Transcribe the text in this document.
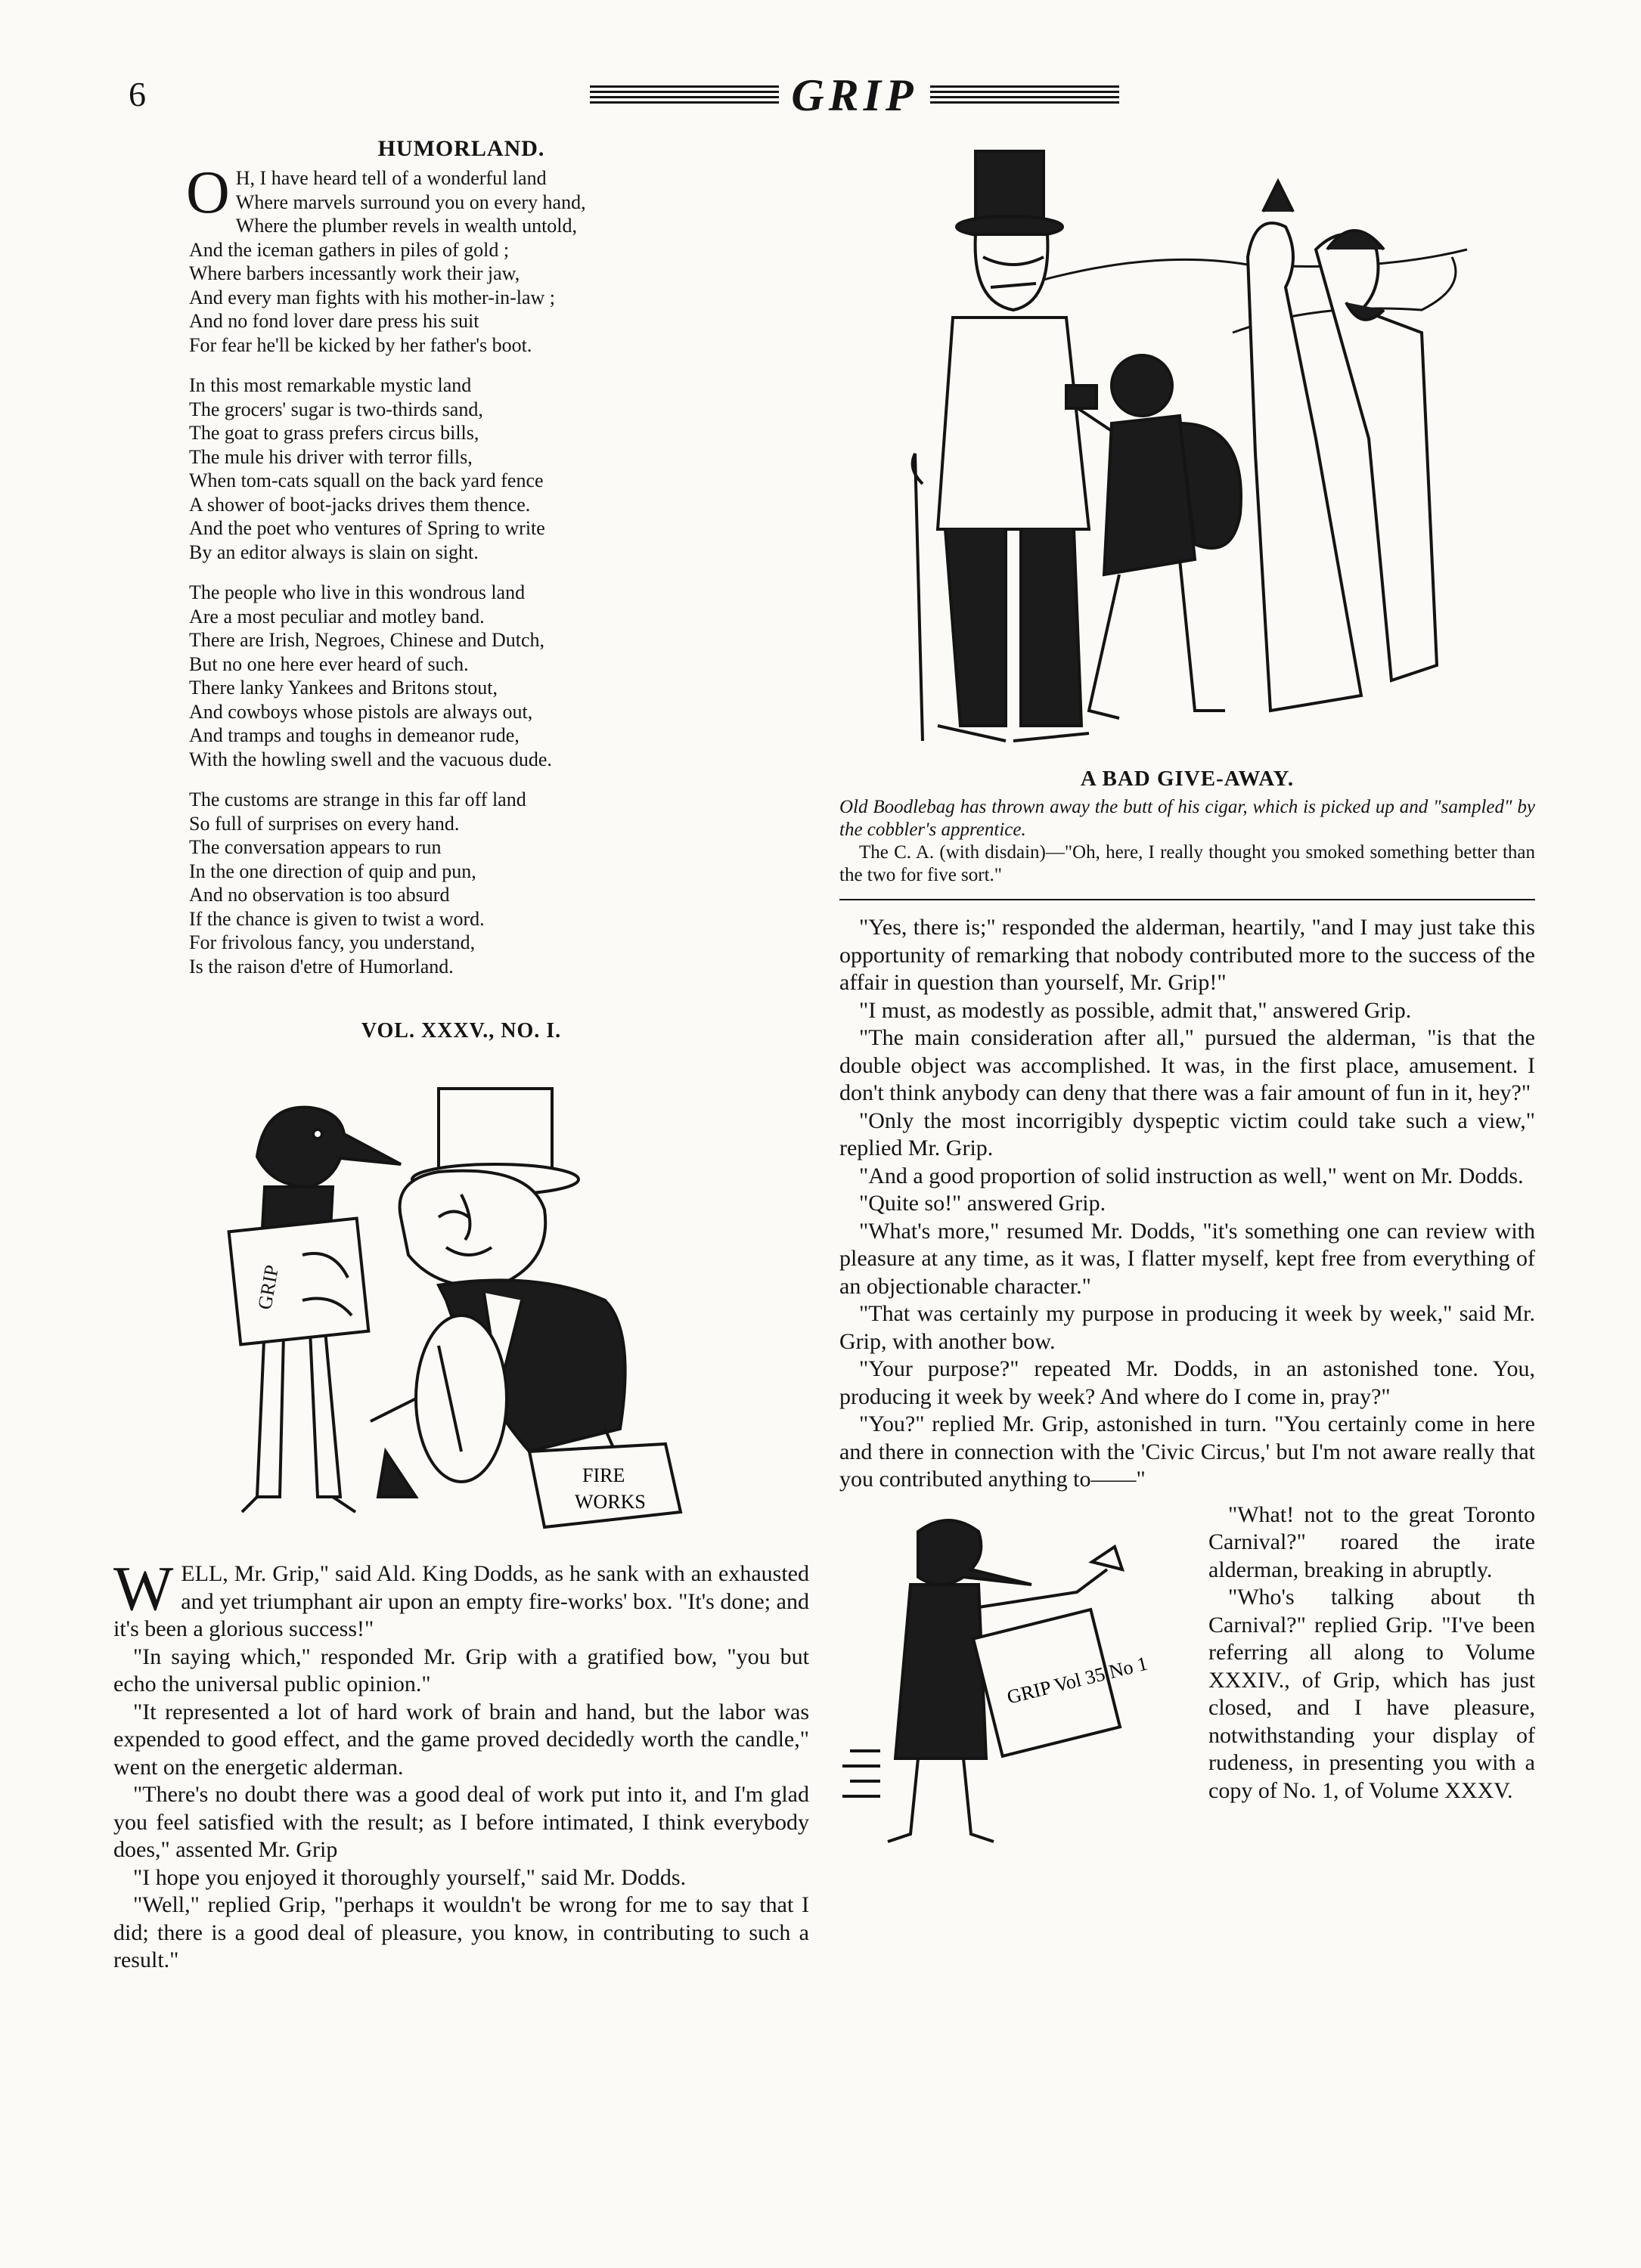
6	GRIP
HUMORLAND.
O H, I have heard tell of a wonderful land
Where marvels surround you on every hand,
Where the plumber revels in wealth untold,
And the iceman gathers in piles of gold ;
Where barbers incessantly work their jaw,
And every man fights with his mother-in-law ;
And no fond lover dare press his suit
For fear he'll be kicked by her father's boot.
In this most remarkable mystic land
The grocers' sugar is two-thirds sand,
The goat to grass prefers circus bills,
The mule his driver with terror fills,
When tom-cats squall on the back yard fence
A shower of boot-jacks drives them thence.
And the poet who ventures of Spring to write
By an editor always is slain on sight.
The people who live in this wondrous land
Are a most peculiar and motley band.
There are Irish, Negroes, Chinese and Dutch,
But no one here ever heard of such.
There lanky Yankees and Britons stout,
And cowboys whose pistols are always out,
And tramps and toughs in demeanor rude,
With the howling swell and the vacuous dude.
The customs are strange in this far off land
So full of surprises on every hand.
The conversation appears to run
In the one direction of quip and pun,
And no observation is too absurd
If the chance is given to twist a word.
For frivolous fancy, you understand,
Is the raison d'etre of Humorland.
VOL. XXXV., NO. I.
GRIP
FIRE
WORKS

WELL, Mr. Grip," said Ald. King Dodds, as he sank with an exhausted and yet triumphant air upon an empty fire-works' box. "It's done; and it's been a glorious success!"

"In saying which," responded Mr. Grip with a gratified bow, "you but echo the universal public opinion."

"It represented a lot of hard work of brain and hand, but the labor was expended to good effect, and the game proved decidedly worth the candle," went on the energetic alderman.

"There's no doubt there was a good deal of work put into it, and I'm glad you feel satisfied with the result; as I before intimated, I think everybody does," assented Mr. Grip

"I hope you enjoyed it thoroughly yourself," said Mr. Dodds.

"Well," replied Grip, "perhaps it wouldn't be wrong for me to say that I did; there is a good deal of pleasure, you know, in contributing to such a result."

A BAD GIVE-AWAY.
Old Boodlebag has thrown away the butt of his cigar, which is picked up and "sampled" by the cobbler's apprentice.
The C. A. (with disdain)—"Oh, here, I really thought you smoked something better than the two for five sort."

"Yes, there is;" responded the alderman, heartily, "and I may just take this opportunity of remarking that nobody contributed more to the success of the affair in question than yourself, Mr. Grip!"

"I must, as modestly as possible, admit that," answered Grip.

"The main consideration after all," pursued the alderman, "is that the double object was accomplished. It was, in the first place, amusement. I don't think anybody can deny that there was a fair amount of fun in it, hey?"

"Only the most incorrigibly dyspeptic victim could take such a view," replied Mr. Grip.

"And a good proportion of solid instruction as well," went on Mr. Dodds.

"Quite so!" answered Grip.

"What's more," resumed Mr. Dodds, "it's something one can review with pleasure at any time, as it was, I flatter myself, kept free from everything of an objectionable character."

"That was certainly my purpose in producing it week by week," said Mr. Grip, with another bow.

"Your purpose?" repeated Mr. Dodds, in an astonished tone. You, producing it week by week? And where do I come in, pray?"

"You?" replied Mr. Grip, astonished in turn. "You certainly come in here and there in connection with the 'Civic Circus,' but I'm not aware really that you contributed anything to——"

GRIP Vol 35 No 1

"What! not to the great Toronto Carnival?" roared the irate alderman, breaking in abruptly.

"Who's talking about th Carnival?" replied Grip. "I've been referring all along to Volume XXXIV., of Grip, which has just closed, and I have pleasure, notwithstanding your display of rudeness, in presenting you with a copy of No. 1, of Volume XXXV.
